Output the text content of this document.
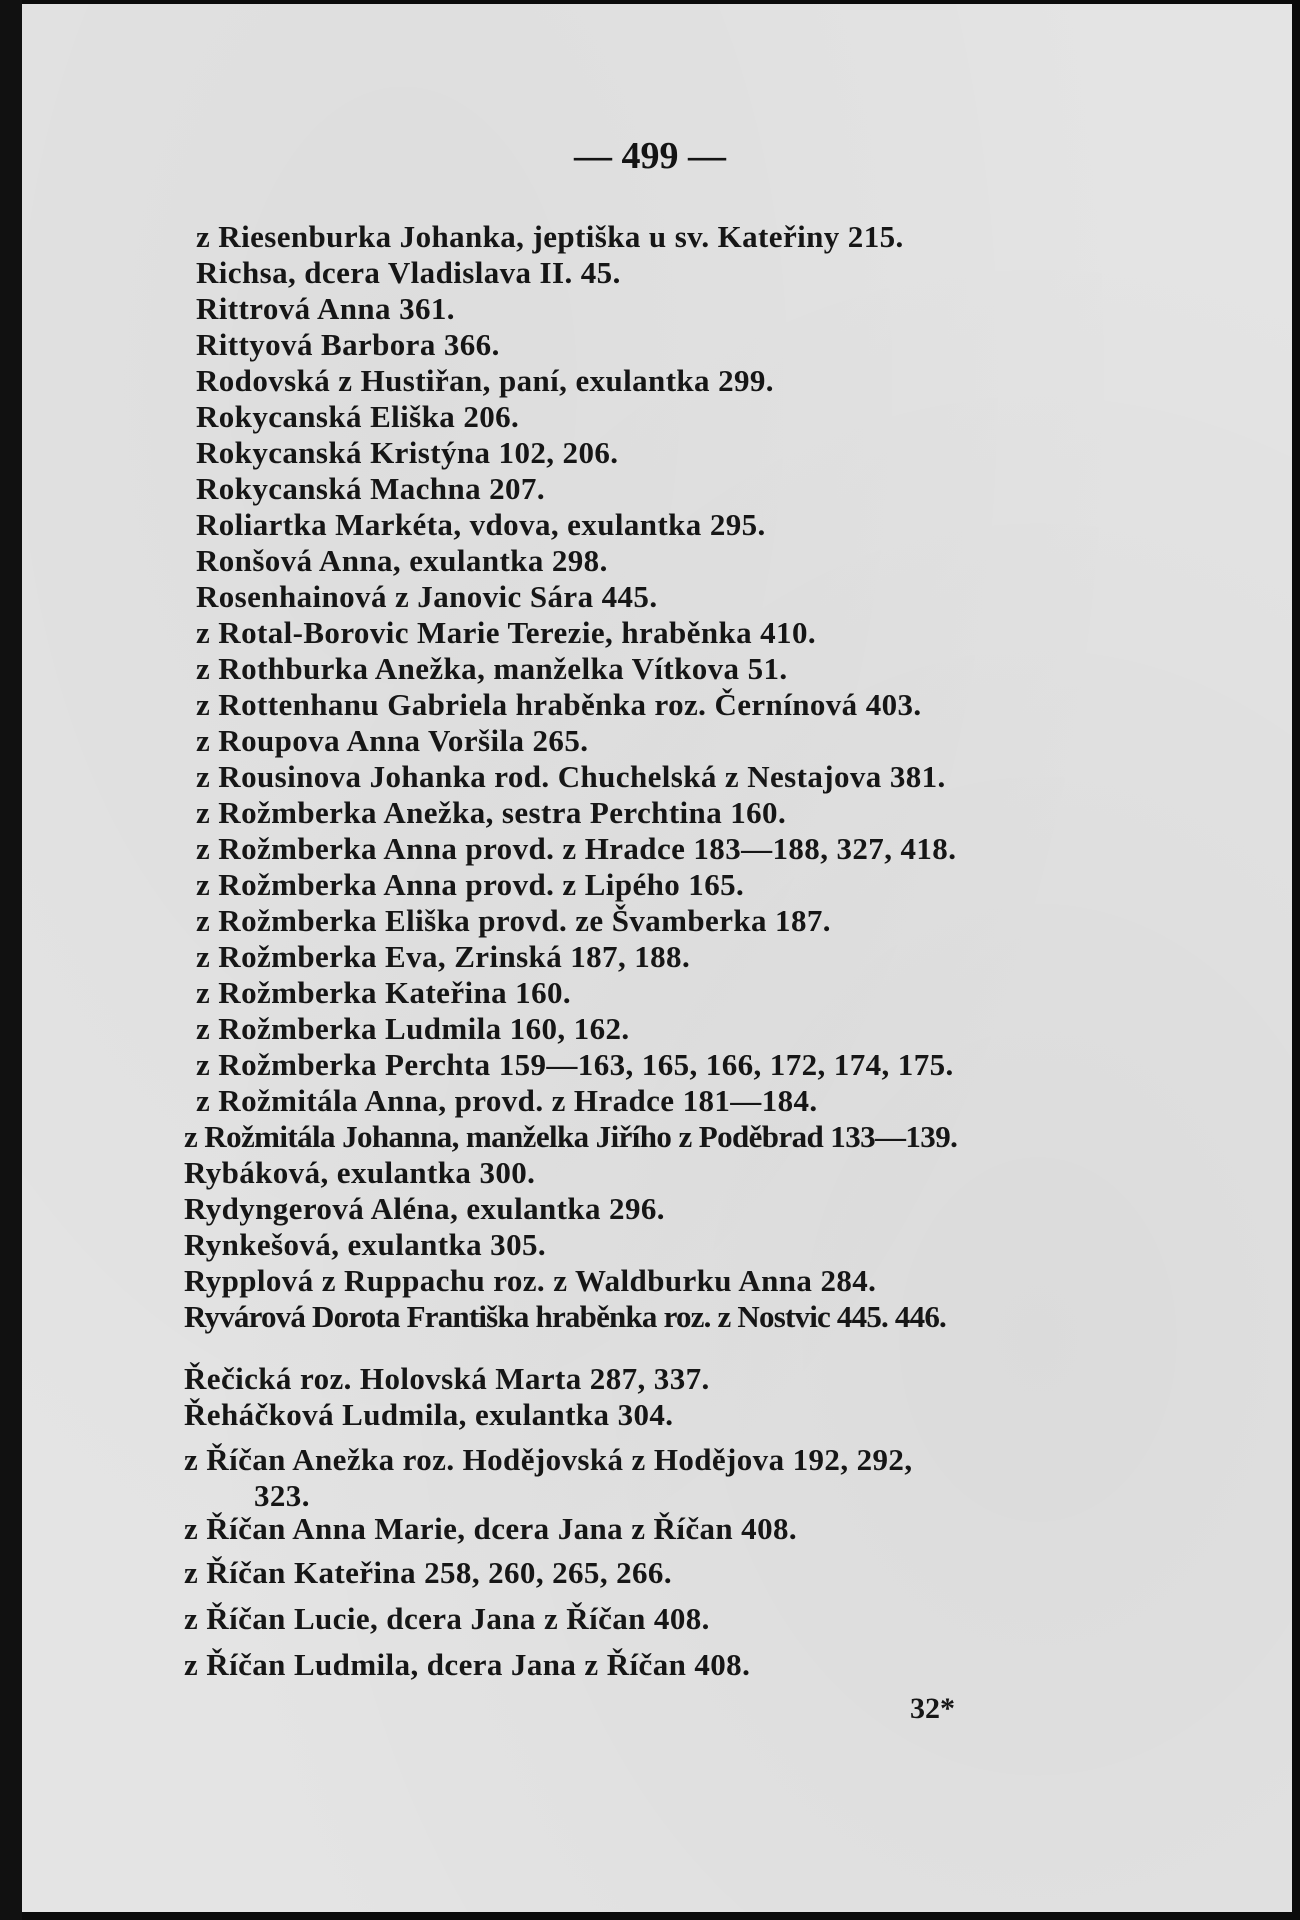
— 499 —
z Riesenburka Johanka, jeptiška u sv. Kateřiny 215.
Richsa, dcera Vladislava II. 45.
Rittrová Anna 361.
Rittyová Barbora 366.
Rodovská z Hustiřan, paní, exulantka 299.
Rokycanská Eliška 206.
Rokycanská Kristýna 102, 206.
Rokycanská Machna 207.
Roliartka Markéta, vdova, exulantka 295.
Ronšová Anna, exulantka 298.
Rosenhainová z Janovic Sára 445.
z Rotal-Borovic Marie Terezie, hraběnka 410.
z Rothburka Anežka, manželka Vítkova 51.
z Rottenhanu Gabriela hraběnka roz. Černínová 403.
z Roupova Anna Voršila 265.
z Rousinova Johanka rod. Chuchelská z Nestajova 381.
z Rožmberka Anežka, sestra Perchtina 160.
z Rožmberka Anna provd. z Hradce 183—188, 327, 418.
z Rožmberka Anna provd. z Lipého 165.
z Rožmberka Eliška provd. ze Švamberka 187.
z Rožmberka Eva, Zrinská 187, 188.
z Rožmberka Kateřina 160.
z Rožmberka Ludmila 160, 162.
z Rožmberka Perchta 159—163, 165, 166, 172, 174, 175.
z Rožmitála Anna, provd. z Hradce 181—184.
z Rožmitála Johanna, manželka Jiřího z Poděbrad 133—139.
Rybáková, exulantka 300.
Rydyngerová Aléna, exulantka 296.
Rynkešová, exulantka 305.
Rypplová z Ruppachu roz. z Waldburku Anna 284.
Ryvárová Dorota Františka hraběnka roz. z Nostvic 445. 446.
Řečická roz. Holovská Marta 287, 337.
Řeháčková Ludmila, exulantka 304.
z Říčan Anežka roz. Hodějovská z Hodějova 192, 292,
323.
z Říčan Anna Marie, dcera Jana z Říčan 408.
z Říčan Kateřina 258, 260, 265, 266.
z Říčan Lucie, dcera Jana z Říčan 408.
z Říčan Ludmila, dcera Jana z Říčan 408.
32*
